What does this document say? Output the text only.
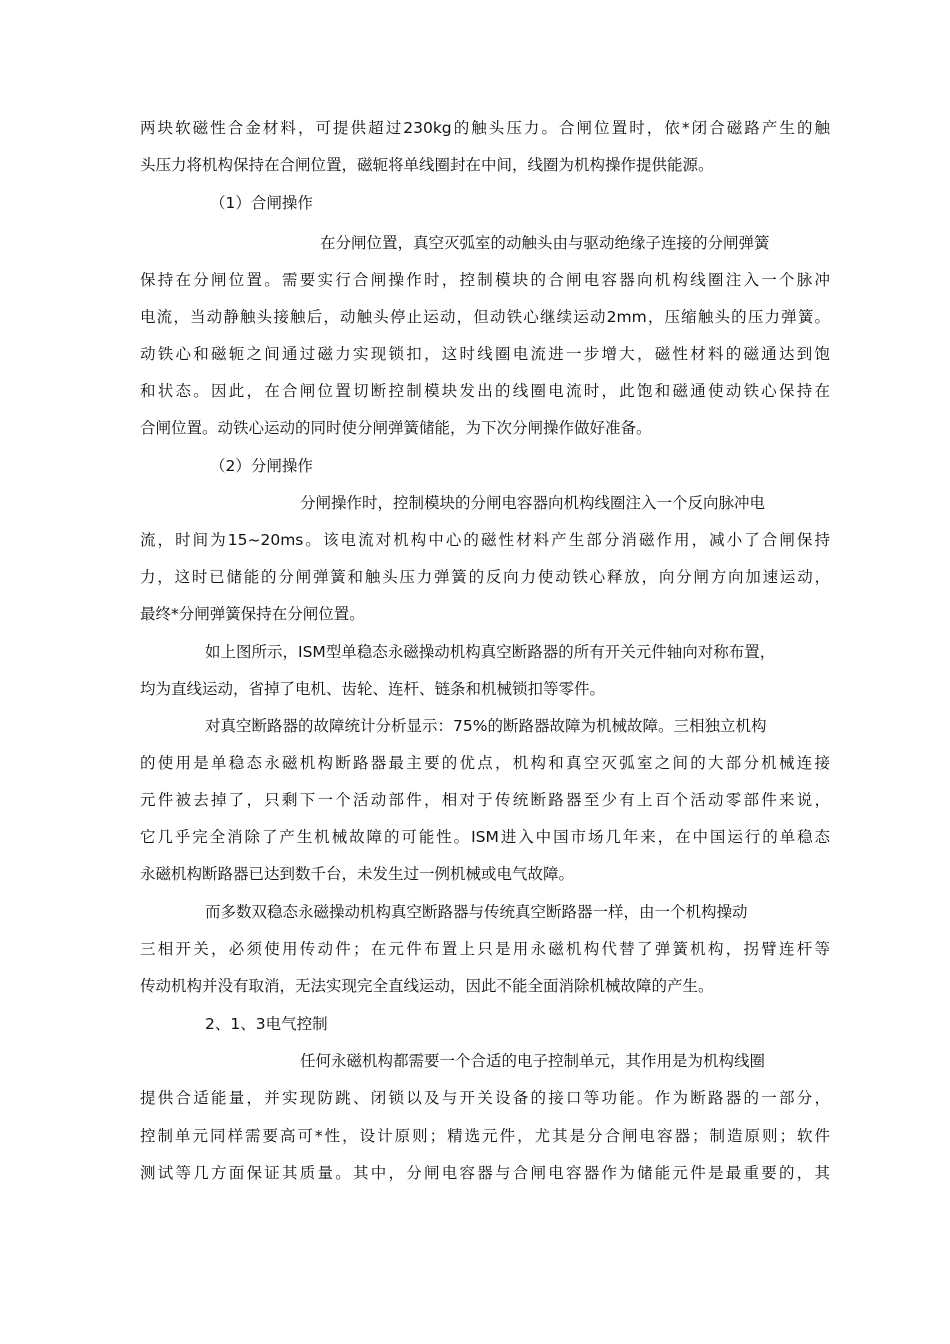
两块软磁性合金材料，可提供超过230kg的触头压力。合闸位置时，依*闭合磁路产生的触
头压力将机构保持在合闸位置，磁轭将单线圈封在中间，线圈为机构操作提供能源。
（1）合闸操作
在分闸位置，真空灭弧室的动触头由与驱动绝缘子连接的分闸弹簧
保持在分闸位置。需要实行合闸操作时，控制模块的合闸电容器向机构线圈注入一个脉冲
电流，当动静触头接触后，动触头停止运动，但动铁心继续运动2mm，压缩触头的压力弹簧。
动铁心和磁轭之间通过磁力实现锁扣，这时线圈电流进一步增大，磁性材料的磁通达到饱
和状态。因此，在合闸位置切断控制模块发出的线圈电流时，此饱和磁通使动铁心保持在
合闸位置。动铁心运动的同时使分闸弹簧储能，为下次分闸操作做好准备。
（2）分闸操作
分闸操作时，控制模块的分闸电容器向机构线圈注入一个反向脉冲电
流，时间为15~20ms。该电流对机构中心的磁性材料产生部分消磁作用，减小了合闸保持
力，这时已储能的分闸弹簧和触头压力弹簧的反向力使动铁心释放，向分闸方向加速运动，
最终*分闸弹簧保持在分闸位置。
如上图所示，ISM型单稳态永磁操动机构真空断路器的所有开关元件轴向对称布置，
均为直线运动，省掉了电机、齿轮、连杆、链条和机械锁扣等零件。
对真空断路器的故障统计分析显示：75%的断路器故障为机械故障。三相独立机构
的使用是单稳态永磁机构断路器最主要的优点，机构和真空灭弧室之间的大部分机械连接
元件被去掉了，只剩下一个活动部件，相对于传统断路器至少有上百个活动零部件来说，
它几乎完全消除了产生机械故障的可能性。ISM进入中国市场几年来，在中国运行的单稳态
永磁机构断路器已达到数千台，未发生过一例机械或电气故障。
而多数双稳态永磁操动机构真空断路器与传统真空断路器一样，由一个机构操动
三相开关，必须使用传动件；在元件布置上只是用永磁机构代替了弹簧机构，拐臂连杆等
传动机构并没有取消，无法实现完全直线运动，因此不能全面消除机械故障的产生。
2、1、3电气控制
任何永磁机构都需要一个合适的电子控制单元，其作用是为机构线圈
提供合适能量，并实现防跳、闭锁以及与开关设备的接口等功能。作为断路器的一部分，
控制单元同样需要高可*性，设计原则；精选元件，尤其是分合闸电容器；制造原则；软件
测试等几方面保证其质量。其中，分闸电容器与合闸电容器作为储能元件是最重要的，其
